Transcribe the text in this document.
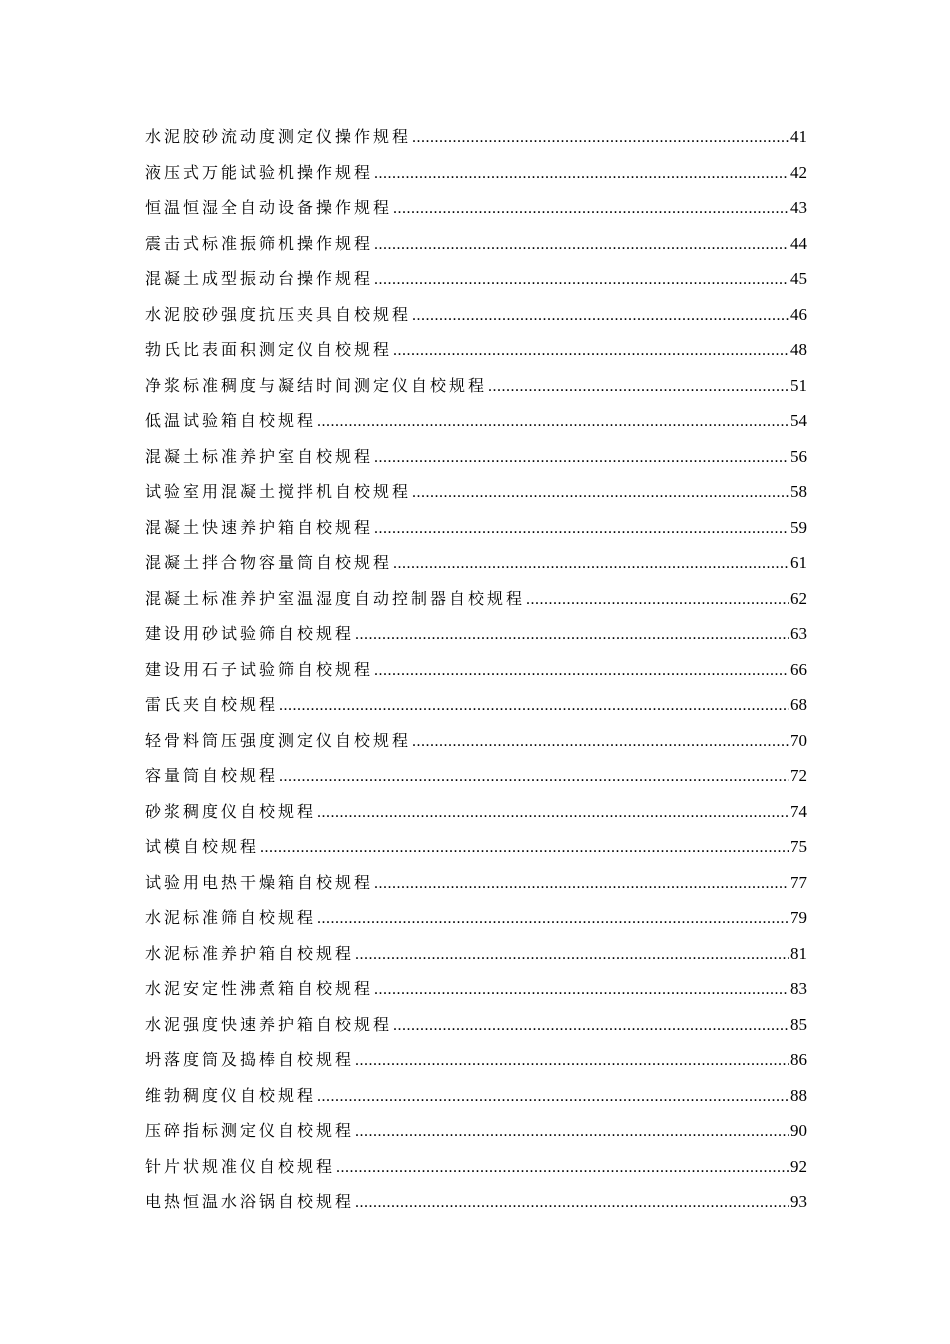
水泥胶砂流动度测定仪操作规程 .....	41
液压式万能试验机操作规程 .....	42
恒温恒湿全自动设备操作规程 .....	43
震击式标准振筛机操作规程 .....	44
混凝土成型振动台操作规程 .....	45
水泥胶砂强度抗压夹具自校规程 .....	46
勃氏比表面积测定仪自校规程 .....	48
净浆标准稠度与凝结时间测定仪自校规程 .....	51
低温试验箱自校规程 .....	54
混凝土标准养护室自校规程 .....	56
试验室用混凝土搅拌机自校规程 .....	58
混凝土快速养护箱自校规程 .....	59
混凝土拌合物容量筒自校规程 .....	61
混凝土标准养护室温湿度自动控制器自校规程 .....	62
建设用砂试验筛自校规程 .....	63
建设用石子试验筛自校规程 .....	66
雷氏夹自校规程 .....	68
轻骨料筒压强度测定仪自校规程 .....	70
容量筒自校规程 .....	72
砂浆稠度仪自校规程 .....	74
试模自校规程 .....	75
试验用电热干燥箱自校规程 .....	77
水泥标准筛自校规程 .....	79
水泥标准养护箱自校规程 .....	81
水泥安定性沸煮箱自校规程 .....	83
水泥强度快速养护箱自校规程 .....	85
坍落度筒及捣棒自校规程 .....	86
维勃稠度仪自校规程 .....	88
压碎指标测定仪自校规程 .....	90
针片状规准仪自校规程 .....	92
电热恒温水浴锅自校规程 .....	93
